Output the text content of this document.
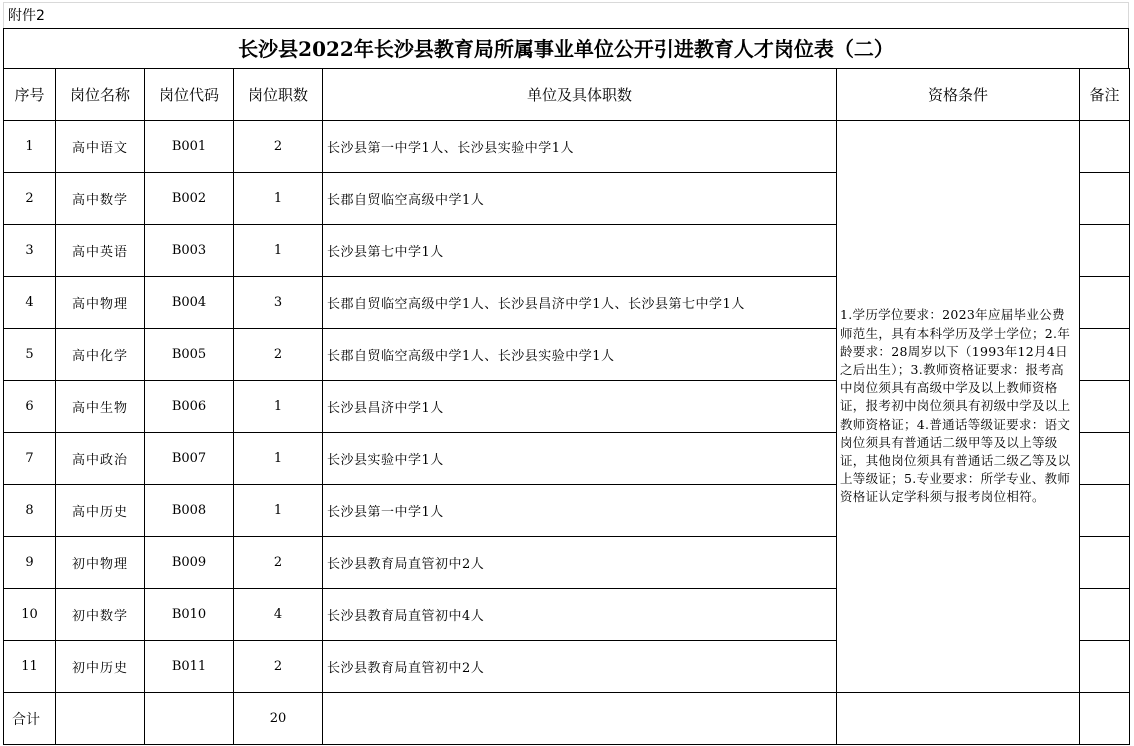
附件2
长沙县2022年长沙县教育局所属事业单位公开引进教育人才岗位表（二）
序号	岗位名称	岗位代码	岗位职数	单位及具体职数	资格条件	备注
1	高中语文	B001	2	长沙县第一中学1人、长沙县实验中学1人	1.学历学位要求：2023年应届毕业公费师范生，具有本科学历及学士学位；2.年龄要求：28周岁以下（1993年12月4日之后出生）；3.教师资格证要求：报考高中岗位须具有高级中学及以上教师资格证，报考初中岗位须具有初级中学及以上教师资格证；4.普通话等级证要求：语文岗位须具有普通话二级甲等及以上等级证，其他岗位须具有普通话二级乙等及以上等级证；5.专业要求：所学专业、教师资格证认定学科须与报考岗位相符。	
2	高中数学	B002	1	长郡自贸临空高级中学1人		
3	高中英语	B003	1	长沙县第七中学1人		
4	高中物理	B004	3	长郡自贸临空高级中学1人、长沙县昌济中学1人、长沙县第七中学1人		
5	高中化学	B005	2	长郡自贸临空高级中学1人、长沙县实验中学1人		
6	高中生物	B006	1	长沙县昌济中学1人		
7	高中政治	B007	1	长沙县实验中学1人		
8	高中历史	B008	1	长沙县第一中学1人		
9	初中物理	B009	2	长沙县教育局直管初中2人		
10	初中数学	B010	4	长沙县教育局直管初中4人		
11	初中历史	B011	2	长沙县教育局直管初中2人		
合计			20			
